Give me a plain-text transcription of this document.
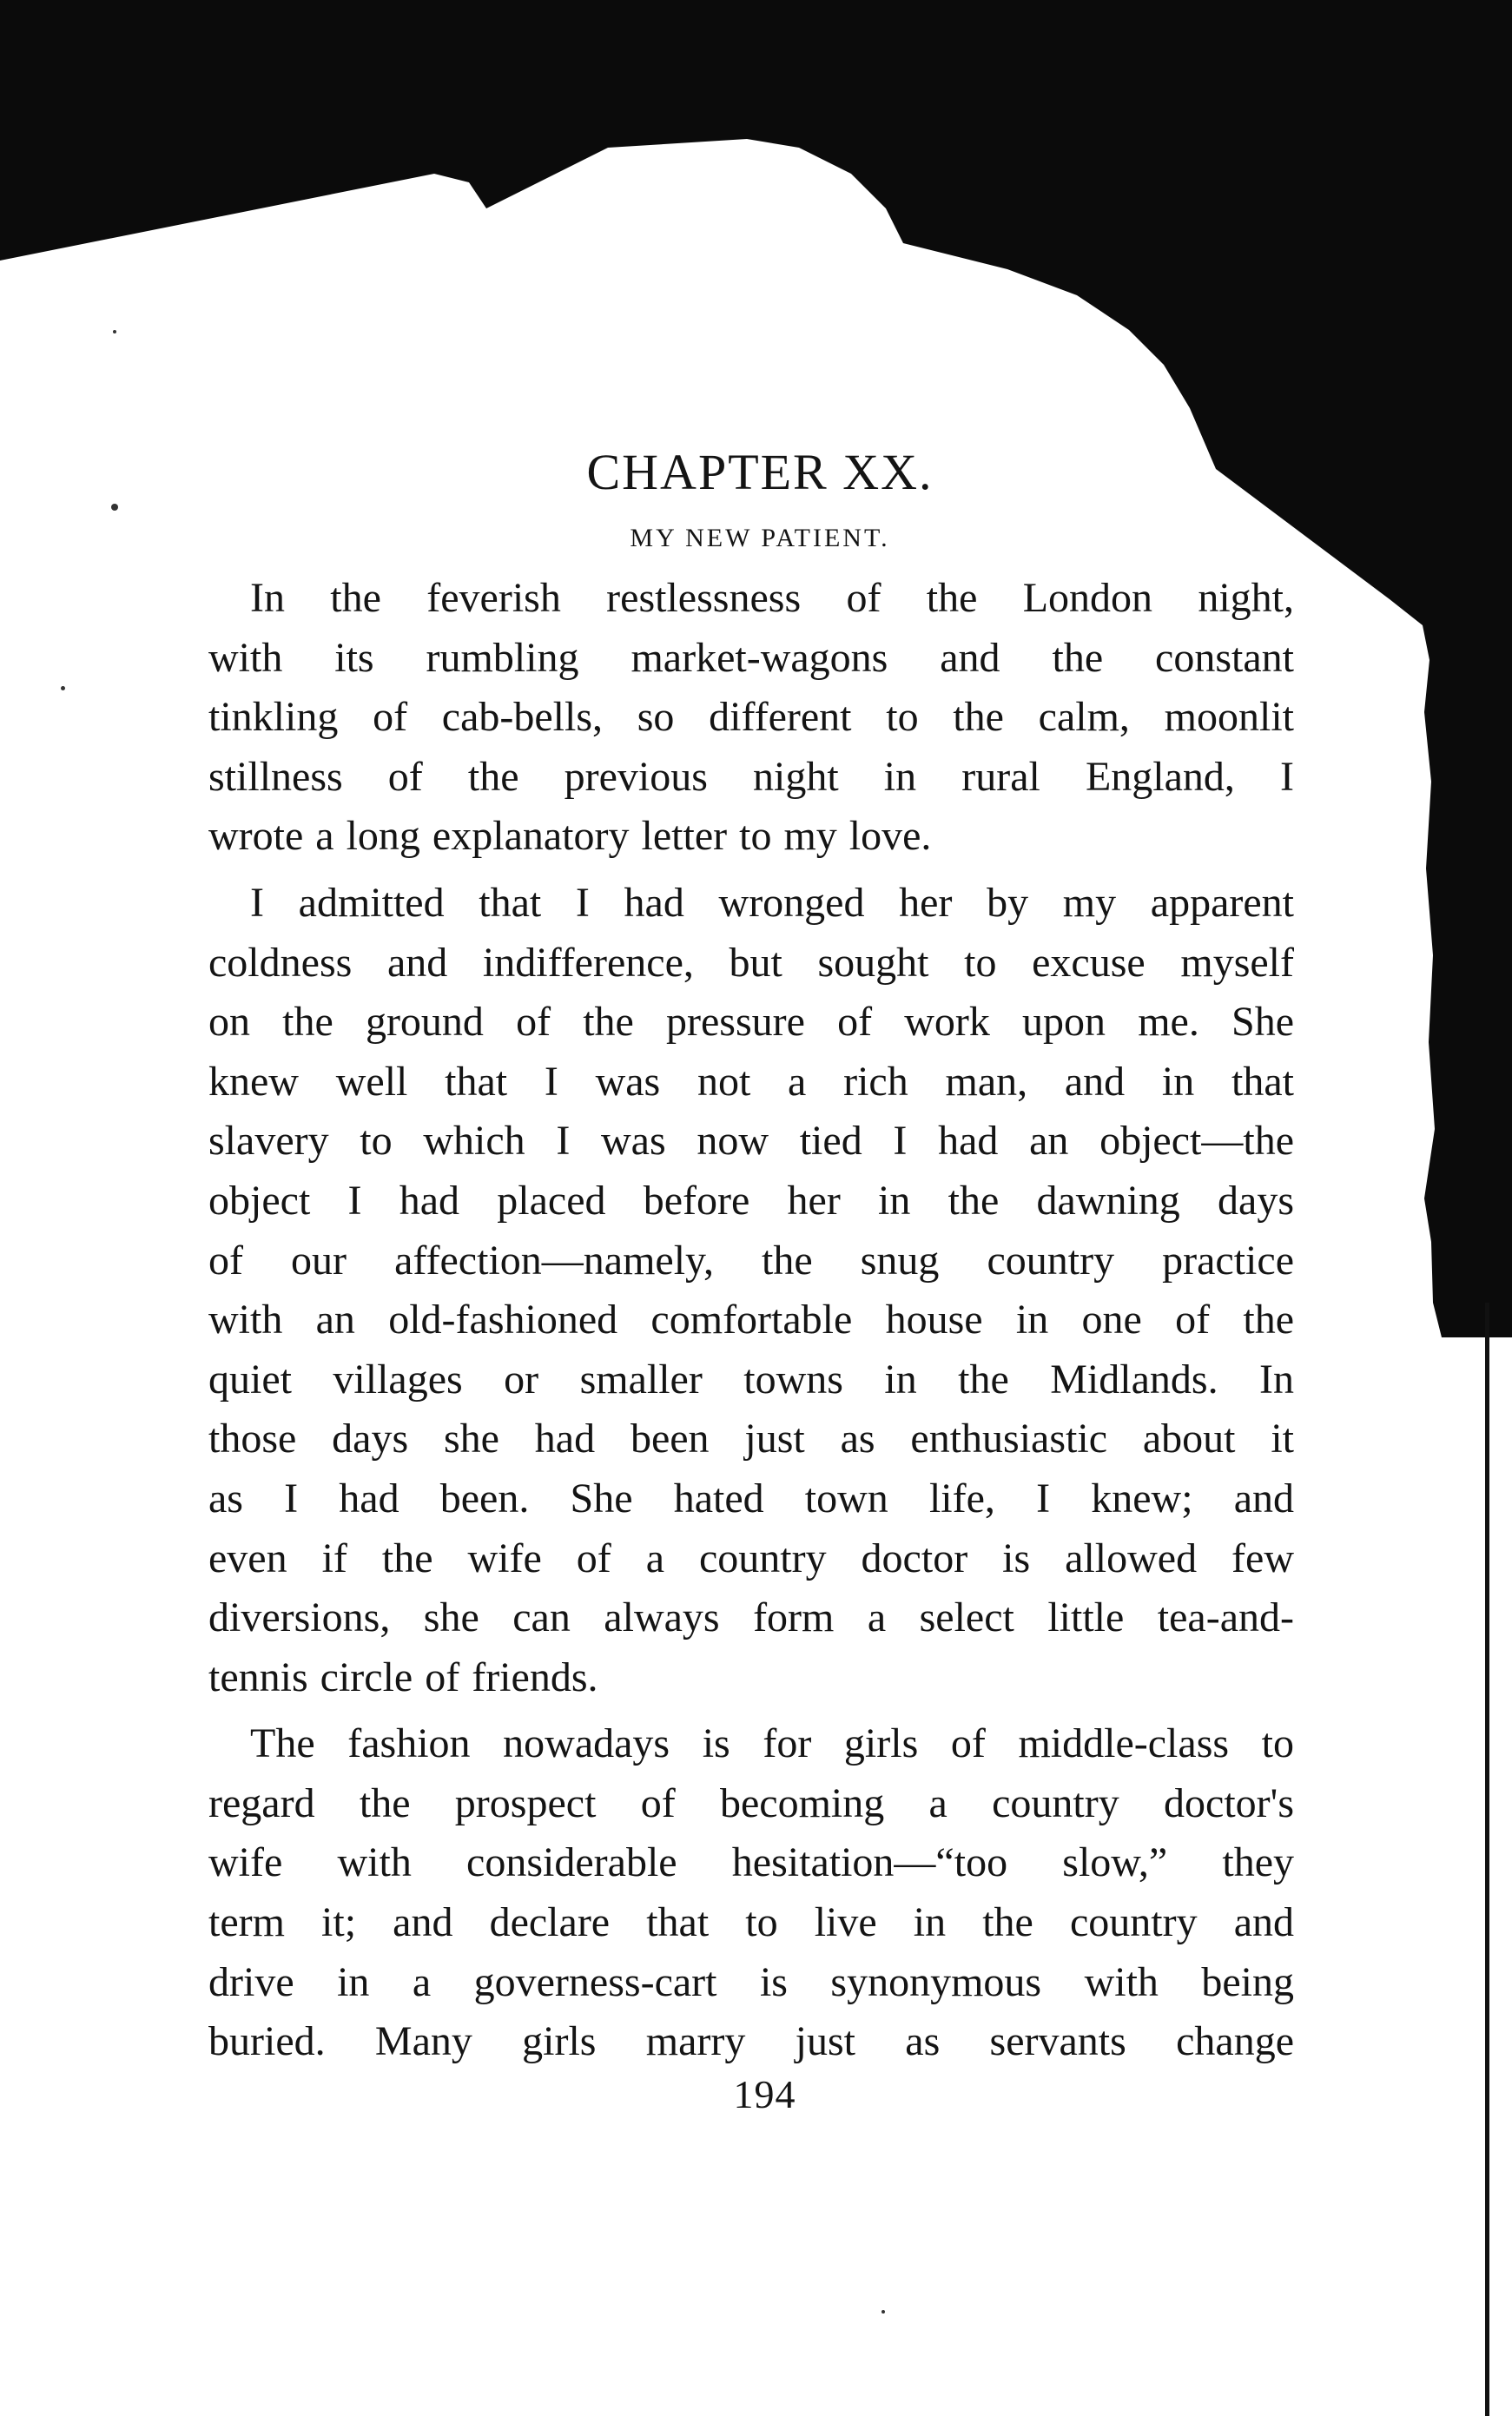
CHAPTER XX.
MY NEW PATIENT.
In the feverish restlessness of the London night,
with its rumbling market-wagons and the constant
tinkling of cab-bells, so different to the calm, moonlit
stillness of the previous night in rural England, I
wrote a long explanatory letter to my love.
I admitted that I had wronged her by my apparent
coldness and indifference, but sought to excuse myself
on the ground of the pressure of work upon me. She
knew well that I was not a rich man, and in that
slavery to which I was now tied I had an object—the
object I had placed before her in the dawning days
of our affection—namely, the snug country practice
with an old-fashioned comfortable house in one of the
quiet villages or smaller towns in the Midlands. In
those days she had been just as enthusiastic about it
as I had been. She hated town life, I knew; and
even if the wife of a country doctor is allowed few
diversions, she can always form a select little tea-and-
tennis circle of friends.
The fashion nowadays is for girls of middle-class to
regard the prospect of becoming a country doctor's
wife with considerable hesitation—“too slow,” they
term it; and declare that to live in the country and
drive in a governess-cart is synonymous with being
buried. Many girls marry just as servants change
194
